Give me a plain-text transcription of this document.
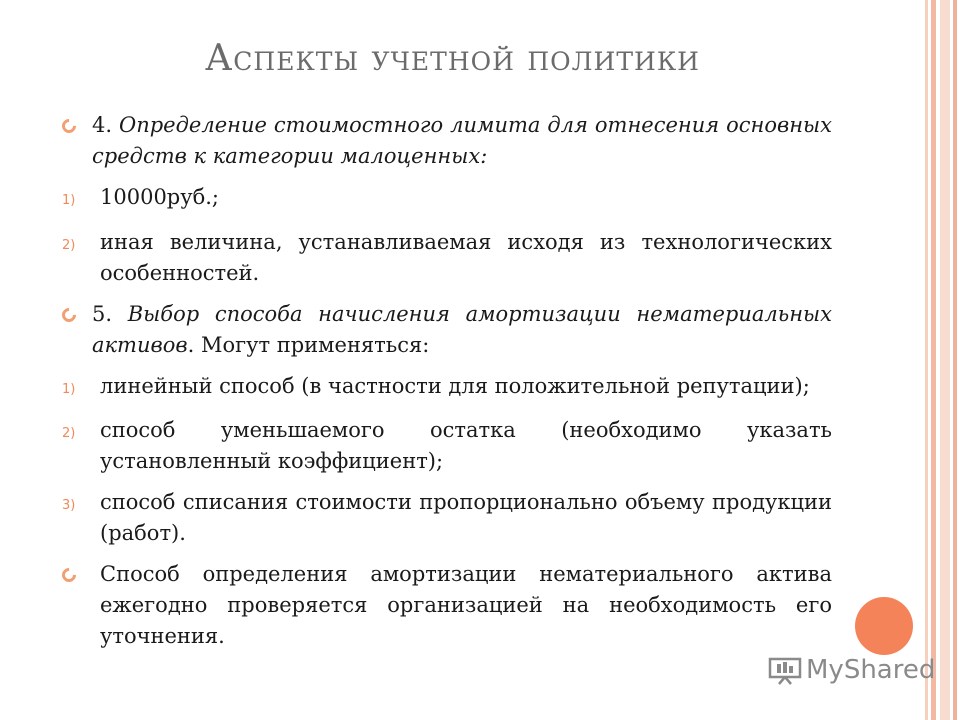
Аспекты учетной политики
4. Определение стоимостного лимита для отнесения основных средств к категории малоценных:
1)	10000руб.;
2)	иная величина, устанавливаемая исходя из технологических особенностей.
5. Выбор способа начисления амортизации нематериальных активов. Могут применяться:
1)	линейный способ (в частности для положительной репутации);
2)	способ уменьшаемого остатка (необходимо указать установленный коэффициент);
3)	способ списания стоимости пропорционально объему продукции (работ).
Способ определения амортизации нематериального актива ежегодно проверяется организацией на необходимость его уточнения.
MyShared
